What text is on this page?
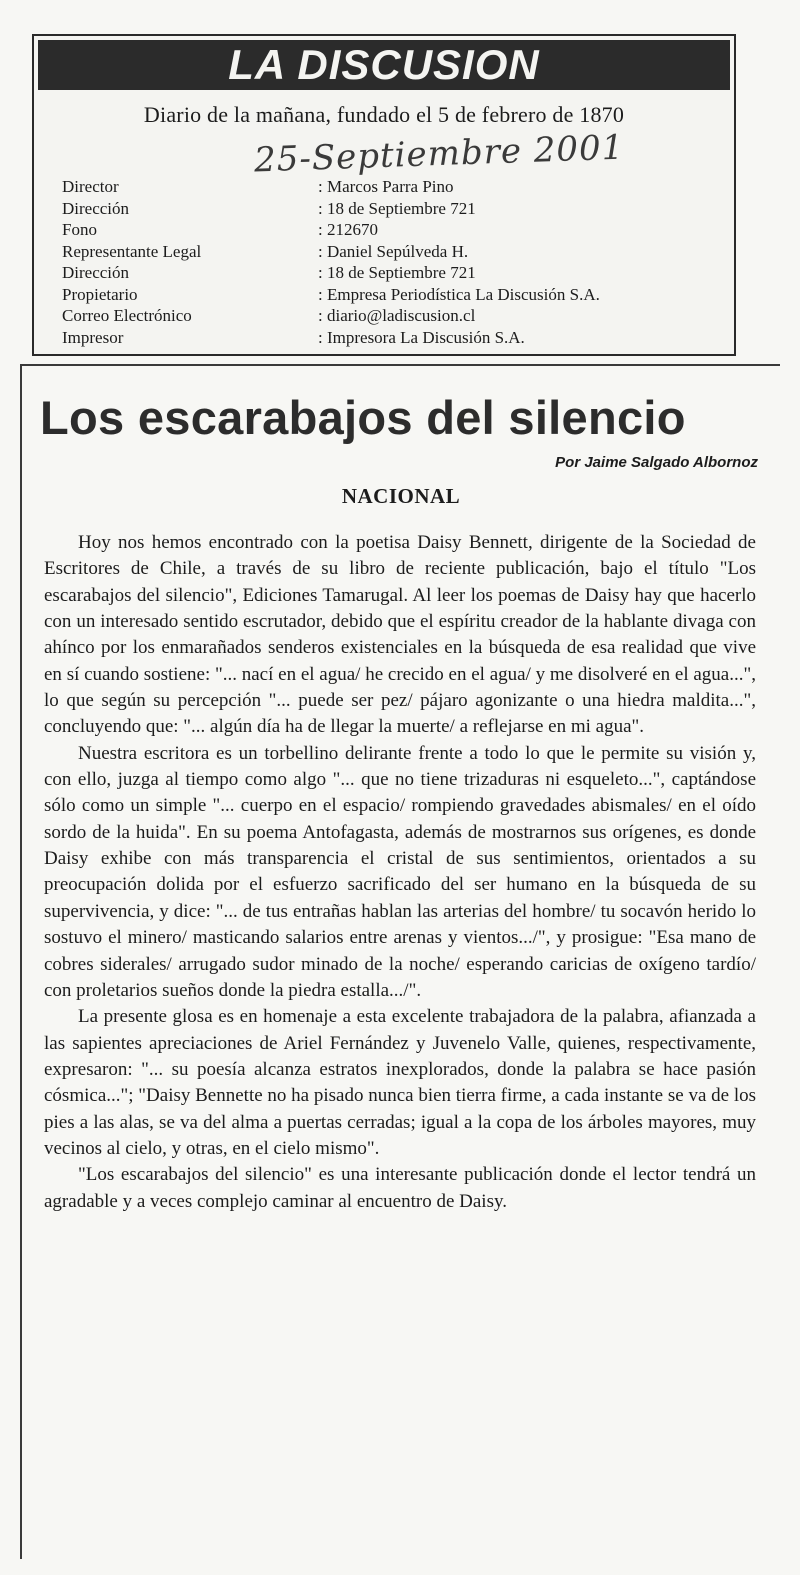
LA DISCUSION
Diario de la mañana, fundado el 5 de febrero de 1870
25-Septiembre 2001
Director	: Marcos Parra Pino
Dirección	: 18 de Septiembre 721
Fono	: 212670
Representante Legal	: Daniel Sepúlveda H.
Dirección	: 18 de Septiembre 721
Propietario	: Empresa Periodística La Discusión S.A.
Correo Electrónico	: diario@ladiscusion.cl
Impresor	: Impresora La Discusión S.A.
Los escarabajos del silencio
Por Jaime Salgado Albornoz
NACIONAL

Hoy nos hemos encontrado con la poetisa Daisy Bennett, dirigente de la Sociedad de Escritores de Chile, a través de su libro de reciente publicación, bajo el título "Los escarabajos del silencio", Ediciones Tamarugal. Al leer los poemas de Daisy hay que hacerlo con un interesado sentido escrutador, debido que el espíritu creador de la hablante divaga con ahínco por los enmarañados senderos existenciales en la búsqueda de esa realidad que vive en sí cuando sostiene: "... nací en el agua/ he crecido en el agua/ y me disolveré en el agua...", lo que según su percepción "... puede ser pez/ pájaro agonizante o una hiedra maldita...", concluyendo que: "... algún día ha de llegar la muerte/ a reflejarse en mi agua".

Nuestra escritora es un torbellino delirante frente a todo lo que le permite su visión y, con ello, juzga al tiempo como algo "... que no tiene trizaduras ni esqueleto...", captándose sólo como un simple "... cuerpo en el espacio/ rompiendo gravedades abismales/ en el oído sordo de la huida". En su poema Antofagasta, además de mostrarnos sus orígenes, es donde Daisy exhibe con más transparencia el cristal de sus sentimientos, orientados a su preocupación dolida por el esfuerzo sacrificado del ser humano en la búsqueda de su supervivencia, y dice: "... de tus entrañas hablan las arterias del hombre/ tu socavón herido lo sostuvo el minero/ masticando salarios entre arenas y vientos.../", y prosigue: "Esa mano de cobres siderales/ arrugado sudor minado de la noche/ esperando caricias de oxígeno tardío/ con proletarios sueños donde la piedra estalla.../".

La presente glosa es en homenaje a esta excelente trabajadora de la palabra, afianzada a las sapientes apreciaciones de Ariel Fernández y Juvenelo Valle, quienes, respectivamente, expresaron: "... su poesía alcanza estratos inexplorados, donde la palabra se hace pasión cósmica..."; "Daisy Bennette no ha pisado nunca bien tierra firme, a cada instante se va de los pies a las alas, se va del alma a puertas cerradas; igual a la copa de los árboles mayores, muy vecinos al cielo, y otras, en el cielo mismo".

"Los escarabajos del silencio" es una interesante publicación donde el lector tendrá un agradable y a veces complejo caminar al encuentro de Daisy.
